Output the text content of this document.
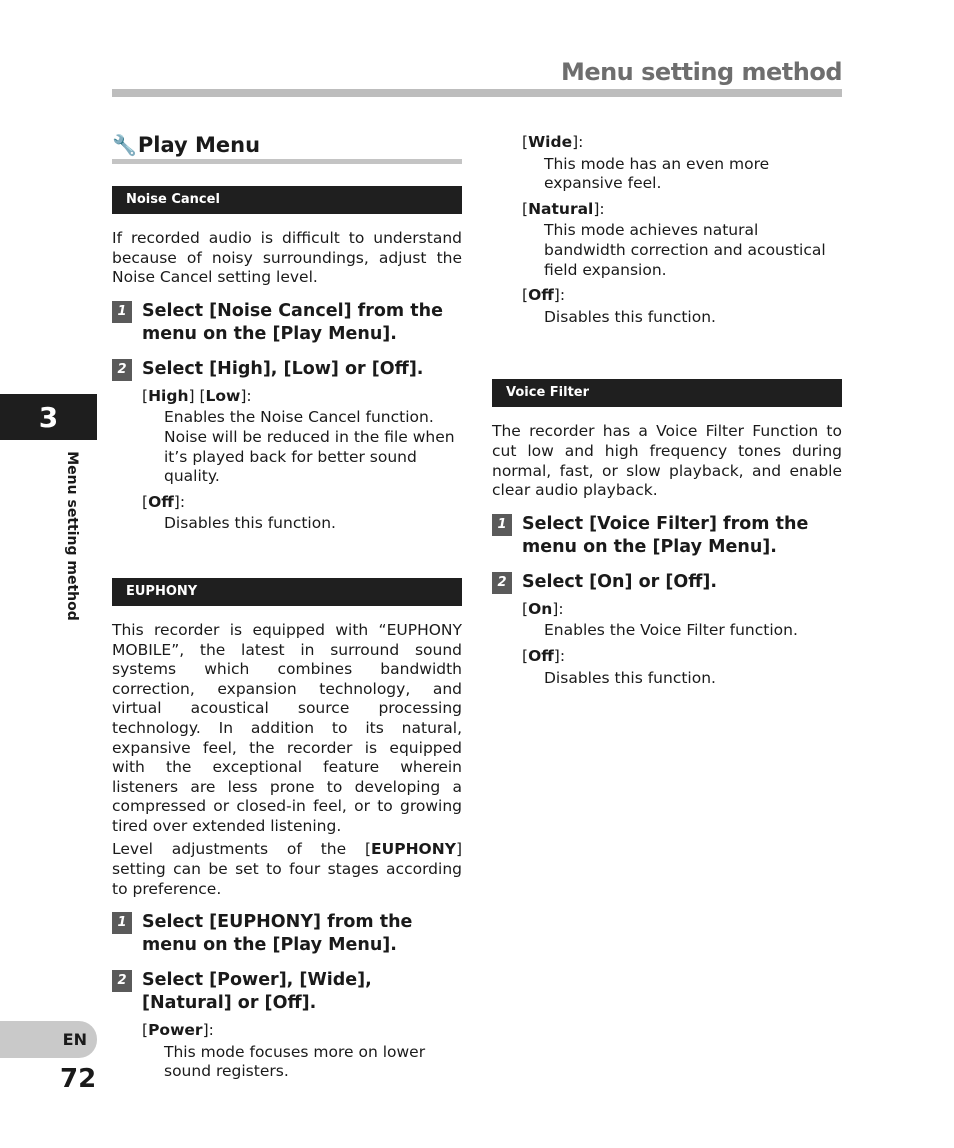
Menu setting method
3
Menu setting method
EN
72
🔧 Play Menu
Noise Cancel
If recorded audio is difficult to understand because of noisy surroundings, adjust the Noise Cancel setting level.
1 Select [Noise Cancel] from the menu on the [Play Menu].
2 Select [High], [Low] or [Off].
[High] [Low]:
Enables the Noise Cancel function. Noise will be reduced in the file when it’s played back for better sound quality.
[Off]:
Disables this function.
EUPHONY
This recorder is equipped with “EUPHONY MOBILE”, the latest in surround sound systems which combines bandwidth correction, expansion technology, and virtual acoustical source processing technology. In addition to its natural, expansive feel, the recorder is equipped with the exceptional feature wherein listeners are less prone to developing a compressed or closed-in feel, or to growing tired over extended listening.
Level adjustments of the [EUPHONY] setting can be set to four stages according to preference.
1 Select [EUPHONY] from the menu on the [Play Menu].
2 Select [Power], [Wide], [Natural] or [Off].
[Power]:
This mode focuses more on lower sound registers.
[Wide]:
This mode has an even more expansive feel.
[Natural]:
This mode achieves natural bandwidth correction and acoustical field expansion.
[Off]:
Disables this function.
Voice Filter
The recorder has a Voice Filter Function to cut low and high frequency tones during normal, fast, or slow playback, and enable clear audio playback.
1 Select [Voice Filter] from the menu on the [Play Menu].
2 Select [On] or [Off].
[On]:
Enables the Voice Filter function.
[Off]:
Disables this function.
